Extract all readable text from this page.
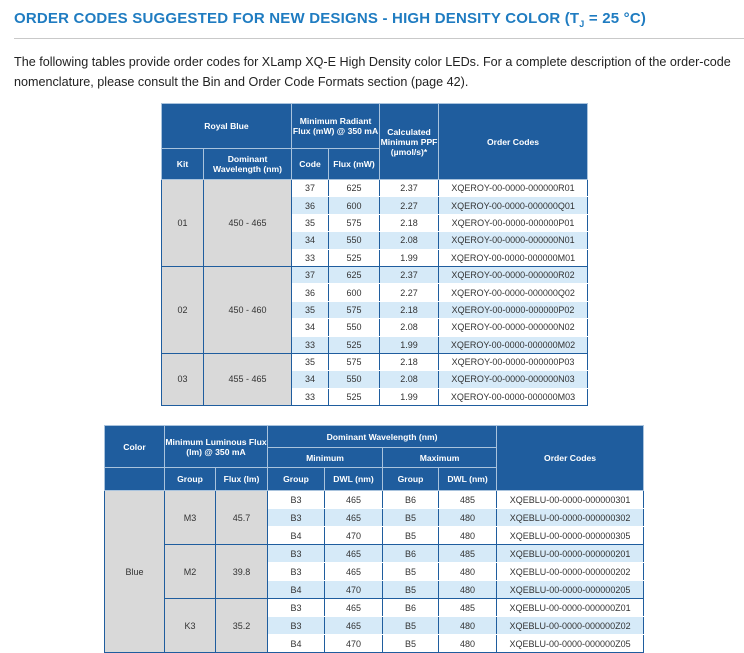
ORDER CODES SUGGESTED FOR NEW DESIGNS - HIGH DENSITY COLOR ($T_J = 25$ °C)

The following tables provide order codes for XLamp XQ-E High Density color LEDs. For a complete description of the order-code nomenclature, please consult the Bin and Order Code Formats section (page 42).

Royal Blue		Minimum Radiant Flux (mW) @ 350 mA		Calculated Minimum PPF (µmol/s)*	Order Codes
Kit	Dominant Wavelength (nm)	Code	Flux (mW)		
01	450 - 465	37	625	2.37	XQEROY-00-0000-000000R01
		36	600	2.27	XQEROY-00-0000-000000Q01
		35	575	2.18	XQEROY-00-0000-000000P01
		34	550	2.08	XQEROY-00-0000-000000N01
		33	525	1.99	XQEROY-00-0000-000000M01
02	450 - 460	37	625	2.37	XQEROY-00-0000-000000R02
		36	600	2.27	XQEROY-00-0000-000000Q02
		35	575	2.18	XQEROY-00-0000-000000P02
		34	550	2.08	XQEROY-00-0000-000000N02
		33	525	1.99	XQEROY-00-0000-000000M02
03	455 - 465	35	575	2.18	XQEROY-00-0000-000000P03
		34	550	2.08	XQEROY-00-0000-000000N03
		33	525	1.99	XQEROY-00-0000-000000M03
Color	Minimum Luminous Flux (lm) @ 350 mA		Dominant Wavelength (nm)				Order Codes
			Minimum		Maximum		
	Group	Flux (lm)	Group	DWL (nm)	Group	DWL (nm)	
Blue	M3	45.7	B3	465	B6	485	XQEBLU-00-0000-000000301
			B3	465	B5	480	XQEBLU-00-0000-000000302
			B4	470	B5	480	XQEBLU-00-0000-000000305
	M2	39.8	B3	465	B6	485	XQEBLU-00-0000-000000201
			B3	465	B5	480	XQEBLU-00-0000-000000202
			B4	470	B5	480	XQEBLU-00-0000-000000205
	K3	35.2	B3	465	B6	485	XQEBLU-00-0000-000000Z01
			B3	465	B5	480	XQEBLU-00-0000-000000Z02
			B4	470	B5	480	XQEBLU-00-0000-000000Z05
